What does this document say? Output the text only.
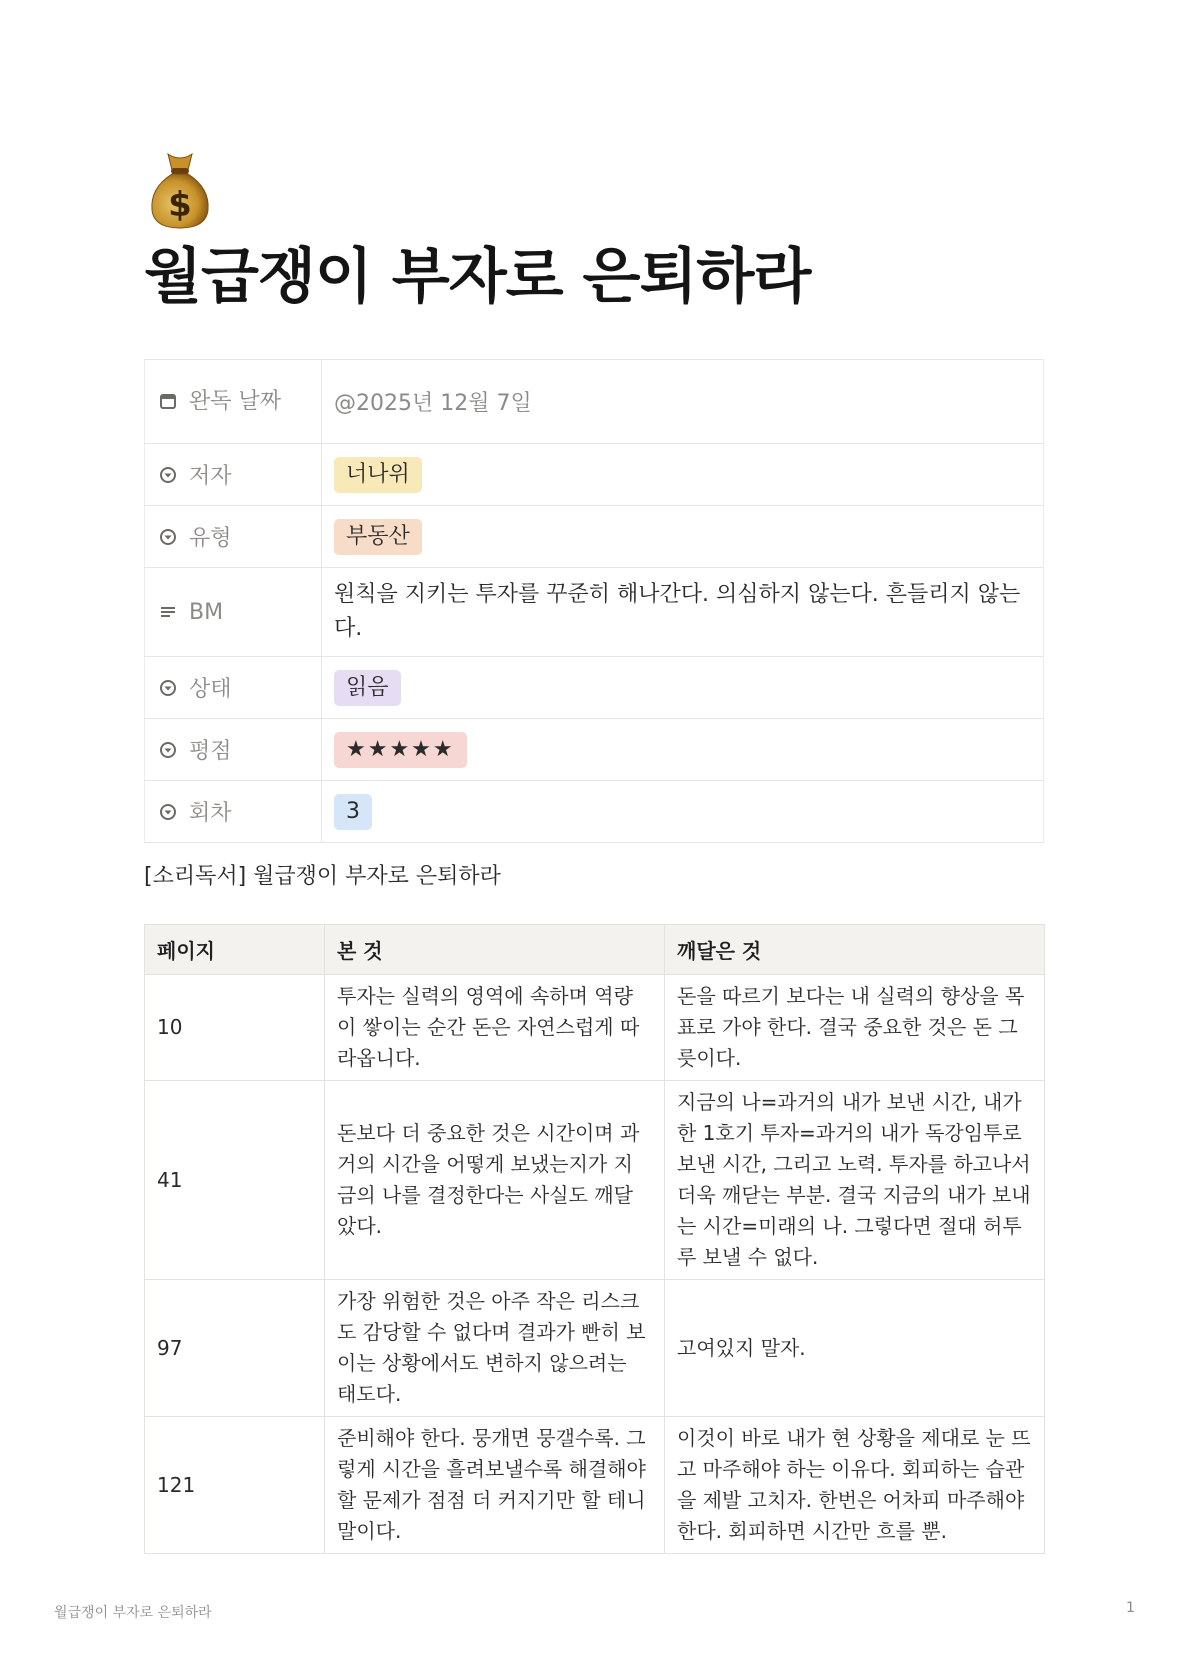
$
월급쟁이 부자로 은퇴하라
완독 날짜	@2025년 12월 7일

저자	너나위

유형	부동산

BM	원칙을 지키는 투자를 꾸준히 해나간다. 의심하지 않는다. 흔들리지 않는다.

상태	읽음

평점	★★★★★

회차	3
[소리독서] 월급쟁이 부자로 은퇴하라
페이지	본 것	깨달은 것
10	투자는 실력의 영역에 속하며 역량이 쌓이는 순간 돈은 자연스럽게 따라옵니다.	돈을 따르기 보다는 내 실력의 향상을 목표로 가야 한다. 결국 중요한 것은 돈 그릇이다.
41	돈보다 더 중요한 것은 시간이며 과거의 시간을 어떻게 보냈는지가 지금의 나를 결정한다는 사실도 깨달았다.	지금의 나=과거의 내가 보낸 시간, 내가 한 1호기 투자=과거의 내가 독강임투로 보낸 시간, 그리고 노력. 투자를 하고나서 더욱 깨닫는 부분. 결국 지금의 내가 보내는 시간=미래의 나. 그렇다면 절대 허투루 보낼 수 없다.
97	가장 위험한 것은 아주 작은 리스크도 감당할 수 없다며 결과가 빤히 보이는 상황에서도 변하지 않으려는 태도다.	고여있지 말자.
121	준비해야 한다. 뭉개면 뭉갤수록. 그렇게 시간을 흘려보낼수록 해결해야 할 문제가 점점 더 커지기만 할 테니 말이다.	이것이 바로 내가 현 상황을 제대로 눈 뜨고 마주해야 하는 이유다. 회피하는 습관을 제발 고치자. 한번은 어차피 마주해야 한다. 회피하면 시간만 흐를 뿐.
월급쟁이 부자로 은퇴하라	1
